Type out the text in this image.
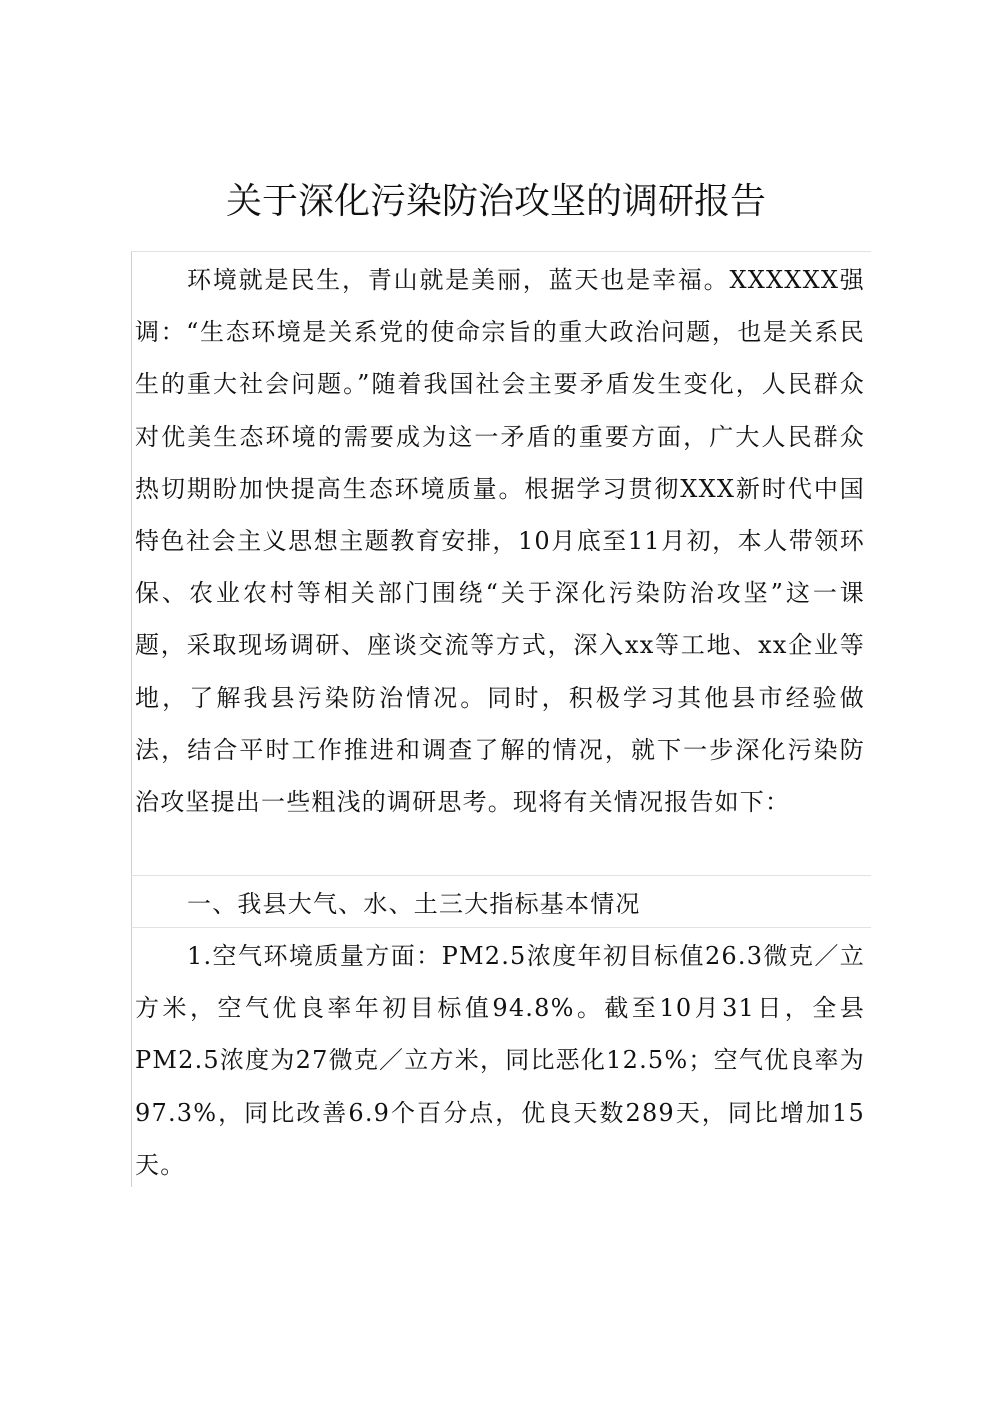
关于深化污染防治攻坚的调研报告

环境就是民生，青山就是美丽，蓝天也是幸福。XXXXXX强调：“生态环境是关系党的使命宗旨的重大政治问题，也是关系民生的重大社会问题。”随着我国社会主要矛盾发生变化，人民群众对优美生态环境的需要成为这一矛盾的重要方面，广大人民群众热切期盼加快提高生态环境质量。根据学习贯彻XXX新时代中国特色社会主义思想主题教育安排，10月底至11月初，本人带领环保、农业农村等相关部门围绕“关于深化污染防治攻坚”这一课题，采取现场调研、座谈交流等方式，深入xx等工地、xx企业等地，了解我县污染防治情况。同时，积极学习其他县市经验做法，结合平时工作推进和调查了解的情况，就下一步深化污染防治攻坚提出一些粗浅的调研思考。现将有关情况报告如下：

一、我县大气、水、土三大指标基本情况

1.空气环境质量方面：PM2.5浓度年初目标值26.3微克／立方米，空气优良率年初目标值94.8%。截至10月31日，全县PM2.5浓度为27微克／立方米，同比恶化12.5%；空气优良率为97.3%，同比改善6.9个百分点，优良天数289天，同比增加15天。
